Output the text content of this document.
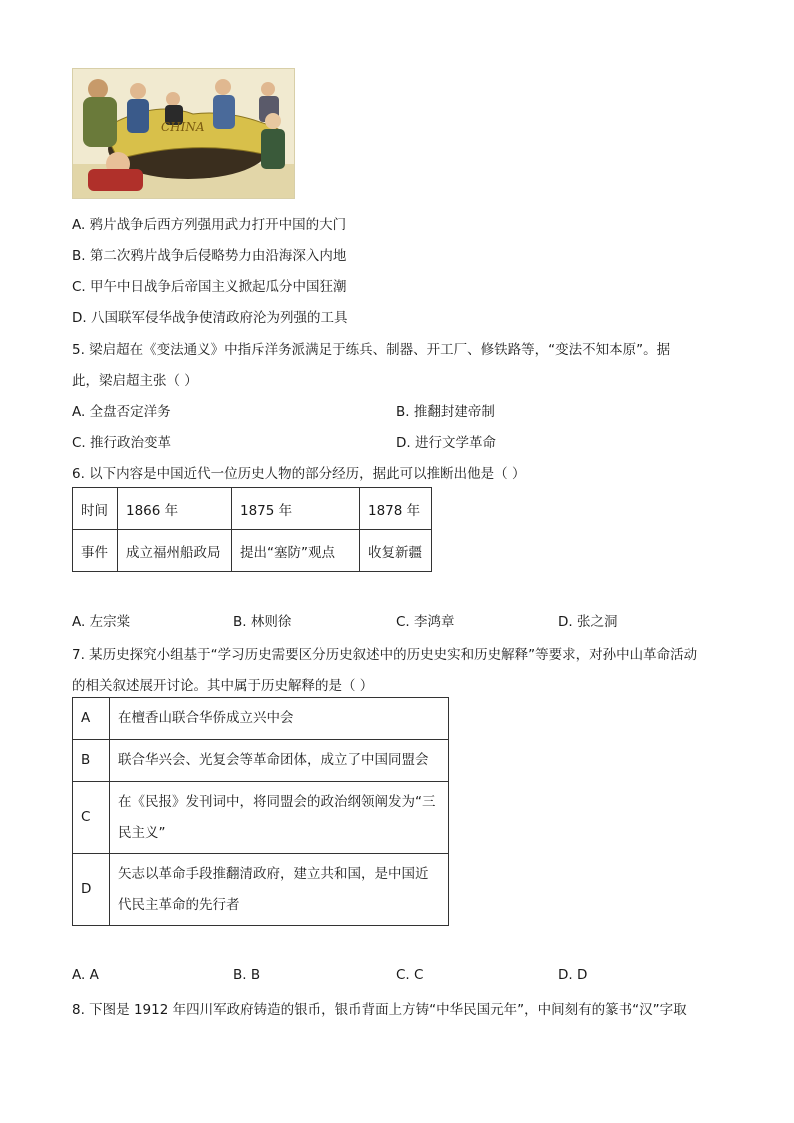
CHINA
A. 鸦片战争后西方列强用武力打开中国的大门
B. 第二次鸦片战争后侵略势力由沿海深入内地
C. 甲午中日战争后帝国主义掀起瓜分中国狂潮
D. 八国联军侵华战争使清政府沦为列强的工具
5. 梁启超在《变法通义》中指斥洋务派满足于练兵、制器、开工厂、修铁路等，“变法不知本原”。据
此，梁启超主张（ ）
A. 全盘否定洋务	B. 推翻封建帝制
C. 推行政治变革	D. 进行文学革命
6. 以下内容是中国近代一位历史人物的部分经历，据此可以推断出他是（ ）
时间	1866 年	1875 年	1878 年
事件	成立福州船政局	提出“塞防”观点	收复新疆
A. 左宗棠	B. 林则徐	C. 李鸿章	D. 张之洞
7. 某历史探究小组基于“学习历史需要区分历史叙述中的历史史实和历史解释”等要求，对孙中山革命活动
的相关叙述展开讨论。其中属于历史解释的是（ ）
A	在檀香山联合华侨成立兴中会
B	联合华兴会、光复会等革命团体，成立了中国同盟会
C	在《民报》发刊词中，将同盟会的政治纲领阐发为“三
民主义”
D	矢志以革命手段推翻清政府，建立共和国，是中国近
代民主革命的先行者
A. A	B. B	C. C	D. D
8. 下图是 1912 年四川军政府铸造的银币，银币背面上方铸“中华民国元年”，中间刻有的篆书“汉”字取
